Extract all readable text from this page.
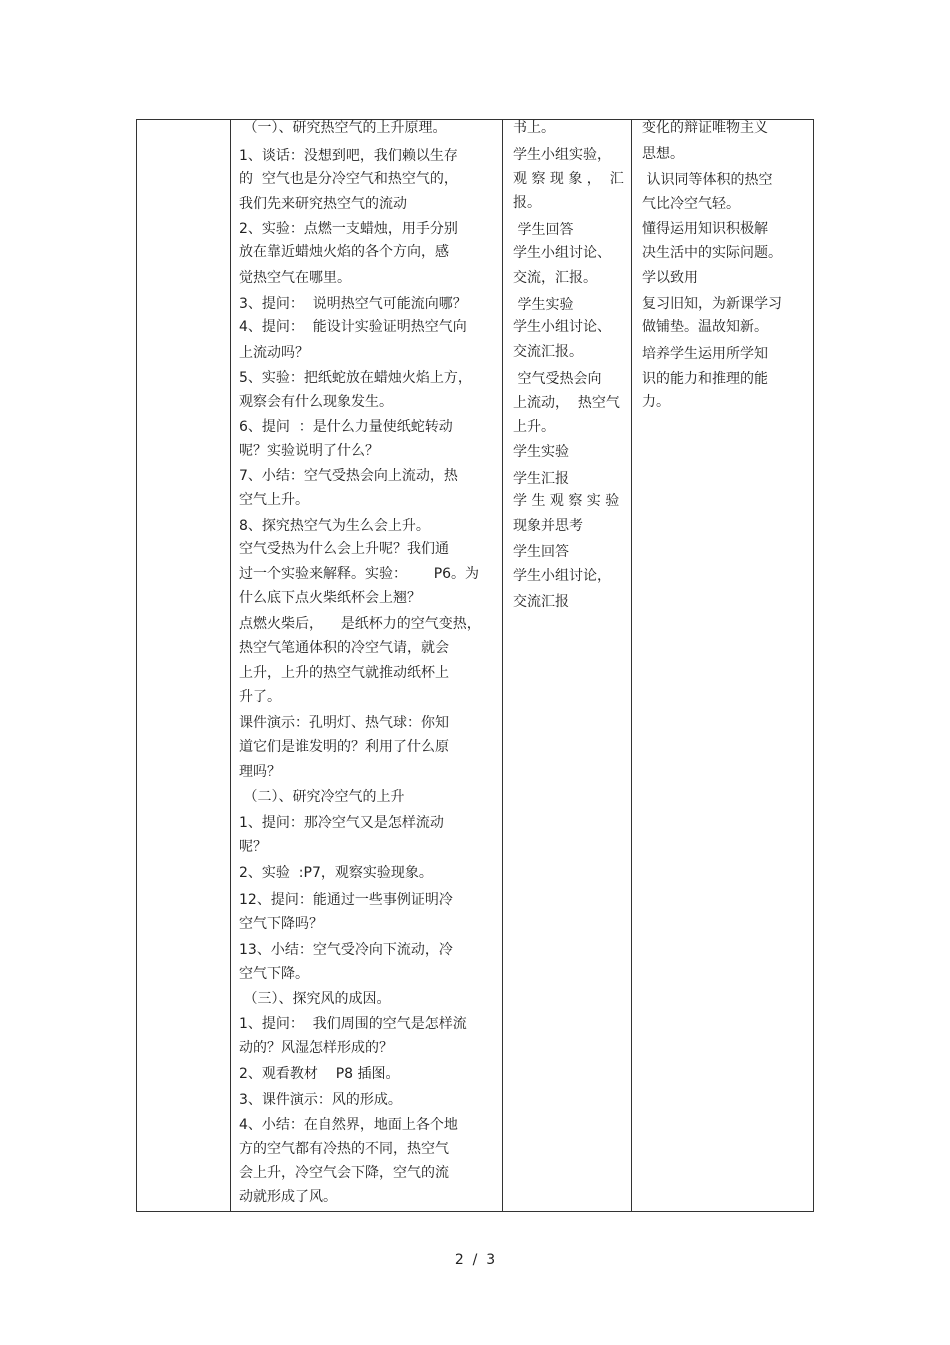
（一）、研究热空气的上升原理。
1、谈话：没想到吧，我们赖以生存
的  空气也是分冷空气和热空气的，
我们先来研究热空气的流动
2、实验：点燃一支蜡烛，用手分别
放在靠近蜡烛火焰的各个方向，感
觉热空气在哪里。
3、提问：  说明热空气可能流向哪？
4、提问：  能设计实验证明热空气向
上流动吗？
5、实验：把纸蛇放在蜡烛火焰上方，
观察会有什么现象发生。
6、提问  ：是什么力量使纸蛇转动
呢？实验说明了什么？
7、小结：空气受热会向上流动，热
空气上升。
8、探究热空气为生么会上升。
空气受热为什么会上升呢？我们通
过一个实验来解释。实验：      P6。为
什么底下点火柴纸杯会上翘？
点燃火柴后，    是纸杯力的空气变热，
热空气笔通体积的冷空气请，就会
上升，上升的热空气就推动纸杯上
升了。
课件演示：孔明灯、热气球：你知
道它们是谁发明的？利用了什么原
理吗？
（二）、研究冷空气的上升
1、提问：那冷空气又是怎样流动
呢？
2、实验  :P7，观察实验现象。
12、提问：能通过一些事例证明冷
空气下降吗？
13、小结：空气受冷向下流动，冷
空气下降。
（三）、探究风的成因。
1、提问：  我们周围的空气是怎样流
动的？风湿怎样形成的？
2、观看教材    P8 插图。
3、课件演示：风的形成。
4、小结：在自然界，地面上各个地
方的空气都有冷热的不同，热空气
会上升，冷空气会下降，空气的流
动就形成了风。
书上。
学生小组实验，
观 察 现 象 ，  汇
报。
学生回答
学生小组讨论、
交流，汇报。
学生实验
学生小组讨论、
交流汇报。
空气受热会向
上流动，  热空气
上升。
学生实验
学生汇报
学 生 观 察 实 验
现象并思考
学生回答
学生小组讨论，
交流汇报
变化的辩证唯物主义
思想。
认识同等体积的热空
气比冷空气轻。
懂得运用知识积极解
决生活中的实际问题。
学以致用
复习旧知，为新课学习
做铺垫。温故知新。
培养学生运用所学知
识的能力和推理的能
力。
2  /  3
